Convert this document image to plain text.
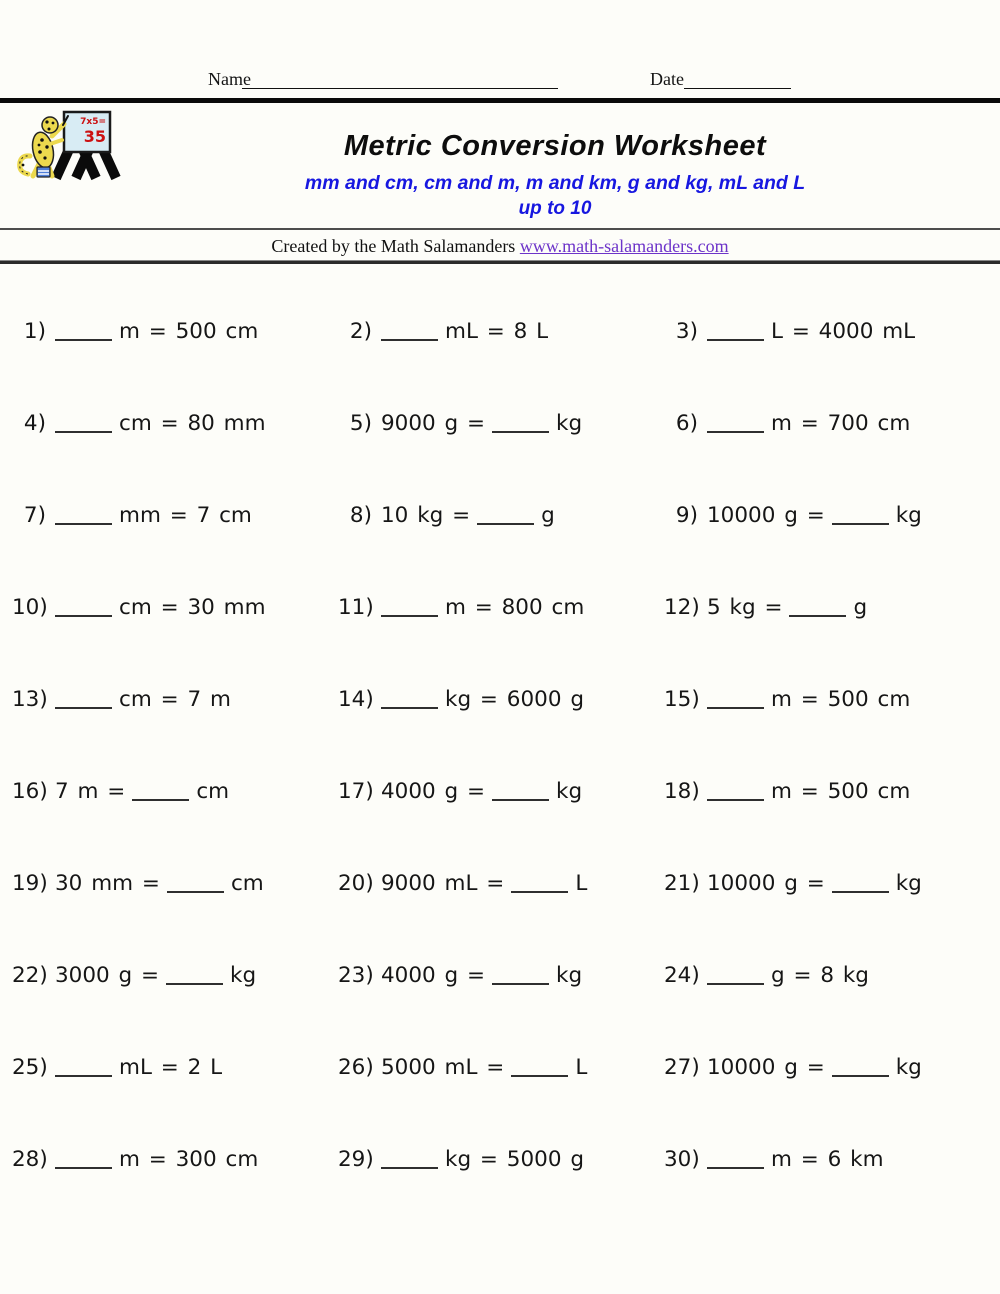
Name	Date
7x5=
35	Metric Conversion Worksheet
mm and cm, cm and m, m and km, g and kg, mL and L
up to 10
Created by the Math Salamanders www.math-salamanders.com
1)	m = 500 cm	2)	mL = 8 L	3)	L = 4000 mL
4)	cm = 80 mm	5) 9000 g =	kg	6)	m = 700 cm
7)	mm = 7 cm	8) 10 kg =	g	9) 10000 g =	kg
10)	cm = 30 mm	11)	m = 800 cm	12) 5 kg =	g
13)	cm = 7 m	14)	kg = 6000 g	15)	m = 500 cm
16) 7 m =	cm	17) 4000 g =	kg	18)	m = 500 cm
19) 30 mm =	cm	20) 9000 mL =	L	21) 10000 g =	kg
22) 3000 g =	kg	23) 4000 g =	kg	24)	g = 8 kg
25)	mL = 2 L	26) 5000 mL =	L	27) 10000 g =	kg
28)	m = 300 cm	29)	kg = 5000 g	30)	m = 6 km
